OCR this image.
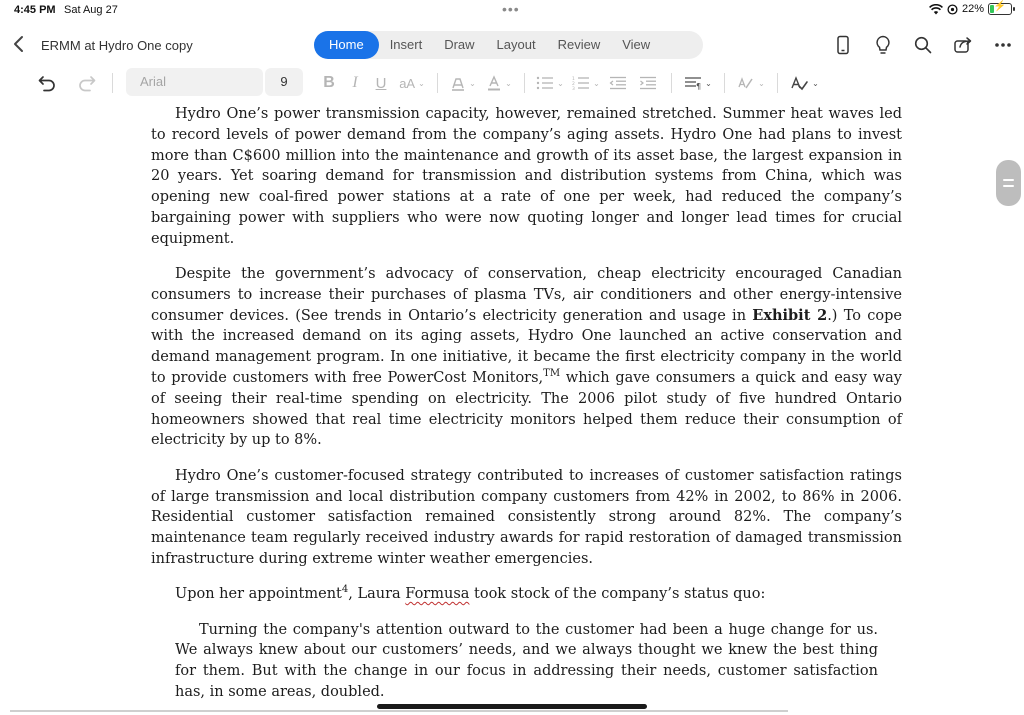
4:45 PM Sat Aug 27	•••	22% ⚡
ERMM at Hydro One copy	Home	Insert	Draw	Layout	Review	View
Arial	9	B	I	U aA ⌄	⌄	⌄	⌄ 1
2
3
⌄	¶ ⌄	⌄	⌄

Hydro One’s power transmission capacity, however, remained stretched. Summer heat waves led to record levels of power demand from the company’s aging assets. Hydro One had plans to invest more than C$600 million into the maintenance and growth of its asset base, the largest expansion in 20 years. Yet soaring demand for transmission and distribution systems from China, which was opening new coal-fired power stations at a rate of one per week, had reduced the company’s bargaining power with suppliers who were now quoting longer and longer lead times for crucial equipment.

Despite the government’s advocacy of conservation, cheap electricity encouraged Canadian consumers to increase their purchases of plasma TVs, air conditioners and other energy-intensive consumer devices. (See trends in Ontario’s electricity generation and usage in Exhibit 2.) To cope with the increased demand on its aging assets, Hydro One launched an active conservation and demand management program. In one initiative, it became the first electricity company in the world to provide customers with free PowerCost Monitors,™ which gave consumers a quick and easy way of seeing their real-time spending on electricity. The 2006 pilot study of five hundred Ontario homeowners showed that real time electricity monitors helped them reduce their consumption of electricity by up to 8%.

Hydro One’s customer-focused strategy contributed to increases of customer satisfaction ratings of large transmission and local distribution company customers from 42% in 2002, to 86% in 2006. Residential customer satisfaction remained consistently strong around 82%. The company’s maintenance team regularly received industry awards for rapid restoration of damaged transmission infrastructure during extreme winter weather emergencies.

Upon her appointment$^4$, Laura Formusa took stock of the company’s status quo:

Turning the company's attention outward to the customer had been a huge change for us. We always knew about our customers’ needs, and we always thought we knew the best thing for them. But with the change in our focus in addressing their needs, customer satisfaction has, in some areas, doubled.
